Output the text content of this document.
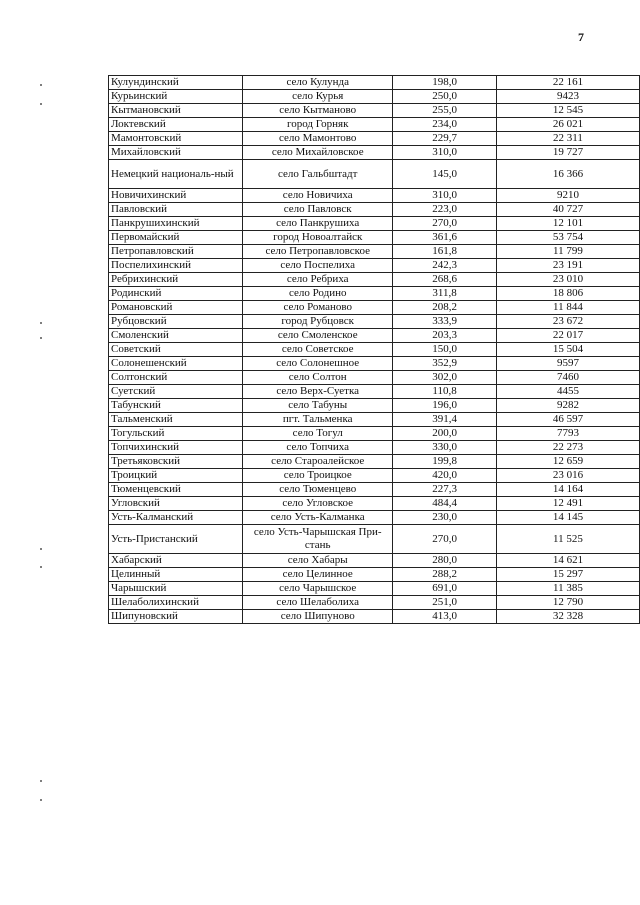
7
Кулундинский	село Кулунда	198,0	22 161
Курьинский	село Курья	250,0	9423
Кытмановский	село Кытманово	255,0	12 545
Локтевский	город Горняк	234,0	26 021
Мамонтовский	село Мамонтово	229,7	22 311
Михайловский	село Михайловское	310,0	19 727
Немецкий националь-ный	село Гальбштадт	145,0	16 366
Новичихинский	село Новичиха	310,0	9210
Павловский	село Павловск	223,0	40 727
Панкрушихинский	село Панкрушиха	270,0	12 101
Первомайский	город Новоалтайск	361,6	53 754
Петропавловский	село Петропавловское	161,8	11 799
Поспелихинский	село Поспелиха	242,3	23 191
Ребрихинский	село Ребриха	268,6	23 010
Родинский	село Родино	311,8	18 806
Романовский	село Романово	208,2	11 844
Рубцовский	город Рубцовск	333,9	23 672
Смоленский	село Смоленское	203,3	22 017
Советский	село Советское	150,0	15 504
Солонешенский	село Солонешное	352,9	9597
Солтонский	село Солтон	302,0	7460
Суетский	село Верх-Суетка	110,8	4455
Табунский	село Табуны	196,0	9282
Тальменский	пгт. Тальменка	391,4	46 597
Тогульский	село Тогул	200,0	7793
Топчихинский	село Топчиха	330,0	22 273
Третьяковский	село Староалейское	199,8	12 659
Троицкий	село Троицкое	420,0	23 016
Тюменцевский	село Тюменцево	227,3	14 164
Угловский	село Угловское	484,4	12 491
Усть-Калманский	село Усть-Калманка	230,0	14 145
Усть-Пристанский	село Усть-Чарышская При-стань	270,0	11 525
Хабарский	село Хабары	280,0	14 621
Целинный	село Целинное	288,2	15 297
Чарышский	село Чарышское	691,0	11 385
Шелаболихинский	село Шелаболиха	251,0	12 790
Шипуновский	село Шипуново	413,0	32 328
